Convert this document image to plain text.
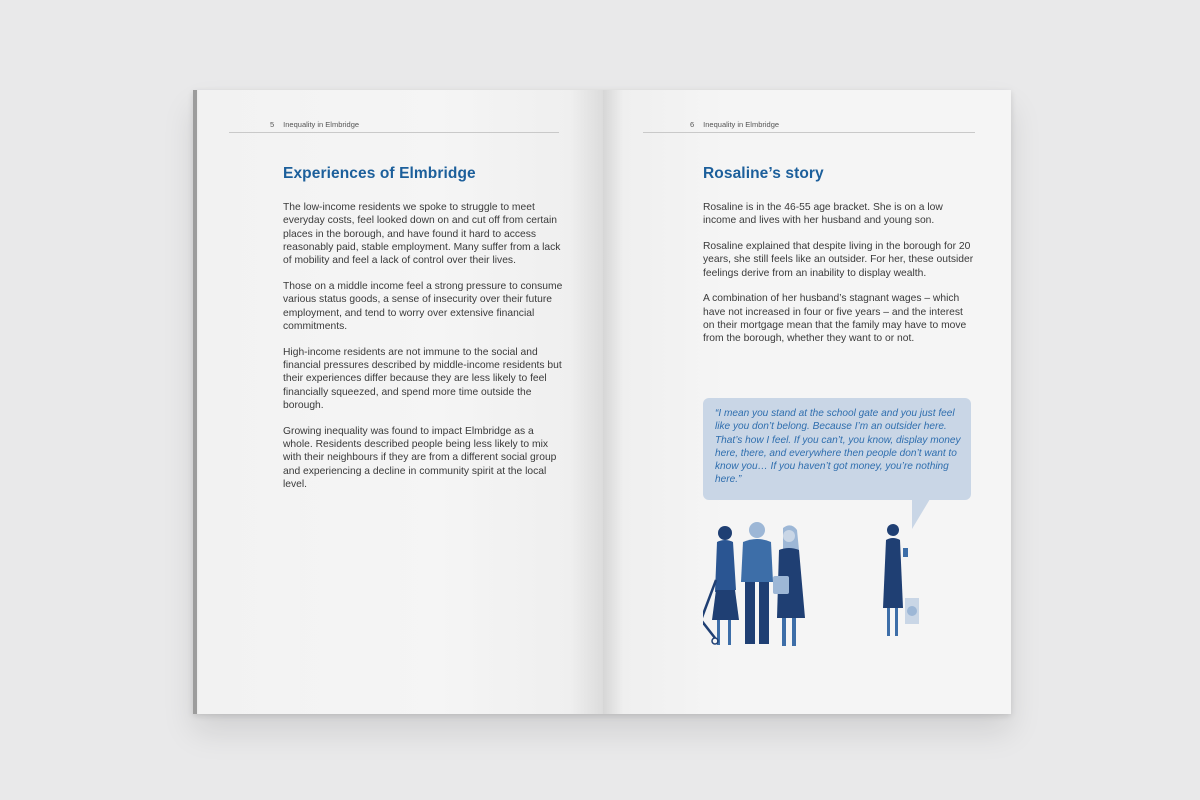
5 Inequality in Elmbridge
Experiences of Elmbridge

The low-income residents we spoke to struggle to meet everyday costs, feel looked down on and cut off from certain places in the borough, and have found it hard to access reasonably paid, stable employment. Many suffer from a lack of mobility and feel a lack of control over their lives.

Those on a middle income feel a strong pressure to consume various status goods, a sense of insecurity over their future employment, and tend to worry over extensive financial commitments.

High-income residents are not immune to the social and financial pressures described by middle-income residents but their experiences differ because they are less likely to feel financially squeezed, and spend more time outside the borough.

Growing inequality was found to impact Elmbridge as a whole. Residents described people being less likely to mix with their neighbours if they are from a different social group and experiencing a decline in community spirit at the local level.

6 Inequality in Elmbridge
Rosaline’s story

Rosaline is in the 46-55 age bracket. She is on a low income and lives with her husband and young son.

Rosaline explained that despite living in the borough for 20 years, she still feels like an outsider. For her, these outsider feelings derive from an inability to display wealth.

A combination of her husband’s stagnant wages – which have not increased in four or five years – and the interest on their mortgage mean that the family may have to move from the borough, whether they want to or not.

“I mean you stand at the school gate and you just feel like you don’t belong. Because I’m an outsider here. That’s how I feel. If you can’t, you know, display money here, there, and everywhere then people don’t want to know you… If you haven’t got money, you’re nothing here.”
